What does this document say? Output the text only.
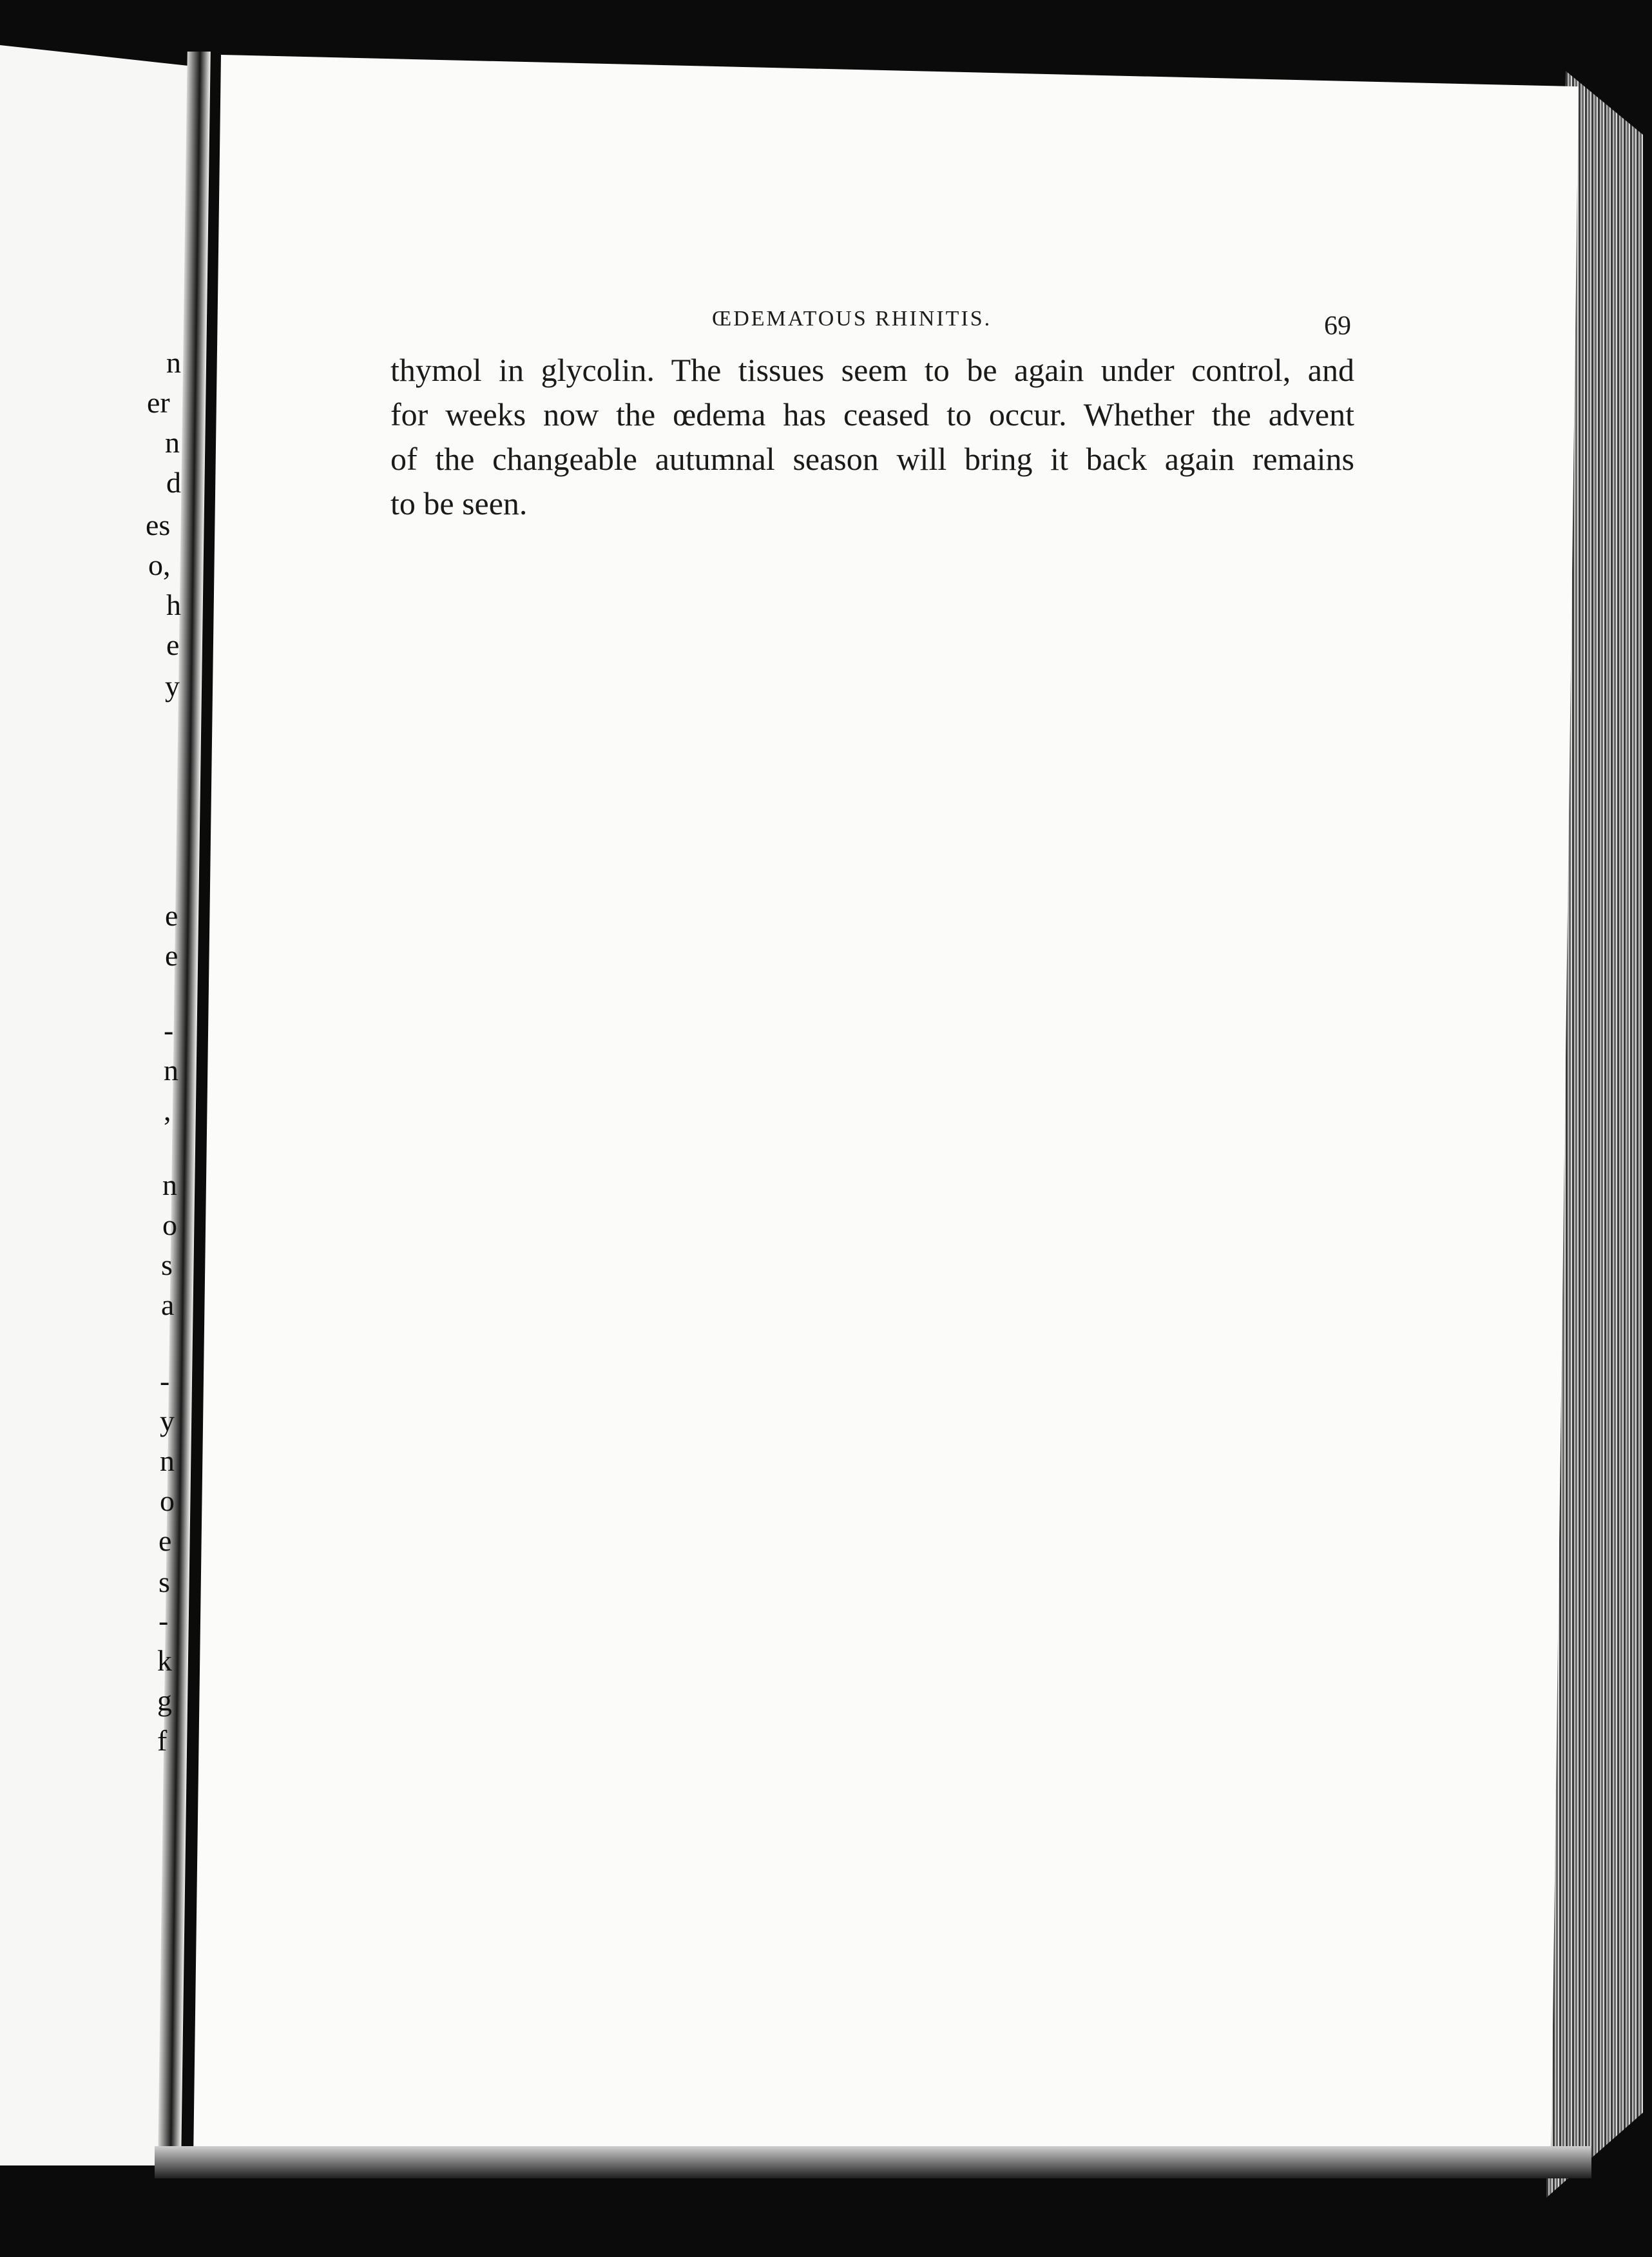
n
er
n
d
es
o,
h
e
y
e
e
-
n
,
n
o
s
a
-
y
n
o
e
s
-
k
g
f
ŒDEMATOUS RHINITIS.	69

thymol in glycolin. The tissues seem to be again under control, and
for weeks now the œdema has ceased to occur. Whether the advent
of the changeable autumnal season will bring it back again remains
to be seen.
